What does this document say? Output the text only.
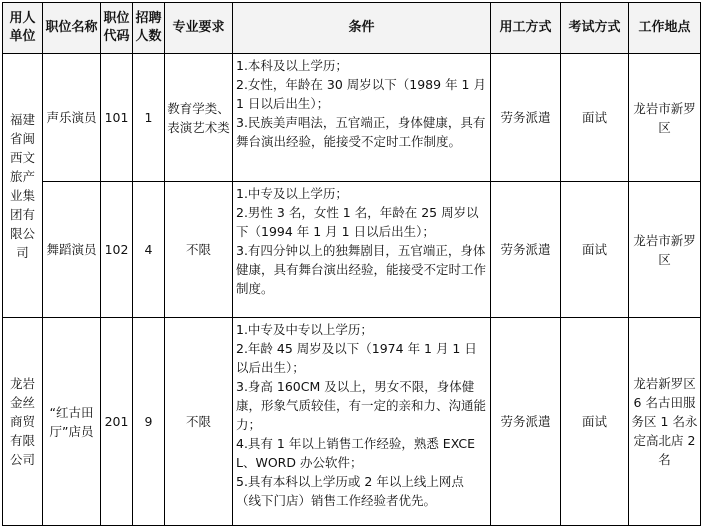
用人单位	职位名称	职位代码	招聘人数	专业要求	条件	用工方式	考试方式	工作地点
福建省闽西文旅产业集团有限公司	声乐演员	101	1	教育学类、表演艺术类	1.本科及以上学历；
2.女性，年龄在 30 周岁以下（1989 年 1 月 1 日以后出生）；
3.民族美声唱法，五官端正，身体健康，具有舞台演出经验，能接受不定时工作制度。	劳务派遣	面试	龙岩市新罗区
	舞蹈演员	102	4	不限	1.中专及以上学历；
2.男性 3 名，女性 1 名，年龄在 25 周岁以下（1994 年 1 月 1 日以后出生）；
3.有四分钟以上的独舞剧目，五官端正，身体健康，具有舞台演出经验，能接受不定时工作制度。	劳务派遣	面试	龙岩市新罗区
龙岩金丝商贸有限公司	“红古田厅”店员	201	9	不限	1.中专及中专以上学历；
2.年龄 45 周岁及以下（1974 年 1 月 1 日以后出生）；
3.身高 160CM 及以上，男女不限，身体健康，形象气质较佳，有一定的亲和力、沟通能力；
4.具有 1 年以上销售工作经验，熟悉 EXCEL、WORD 办公软件；
5.具有本科以上学历或 2 年以上线上网点（线下门店）销售工作经验者优先。	劳务派遣	面试	龙岩新罗区 6 名古田服务区 1 名永定高北店 2 名
